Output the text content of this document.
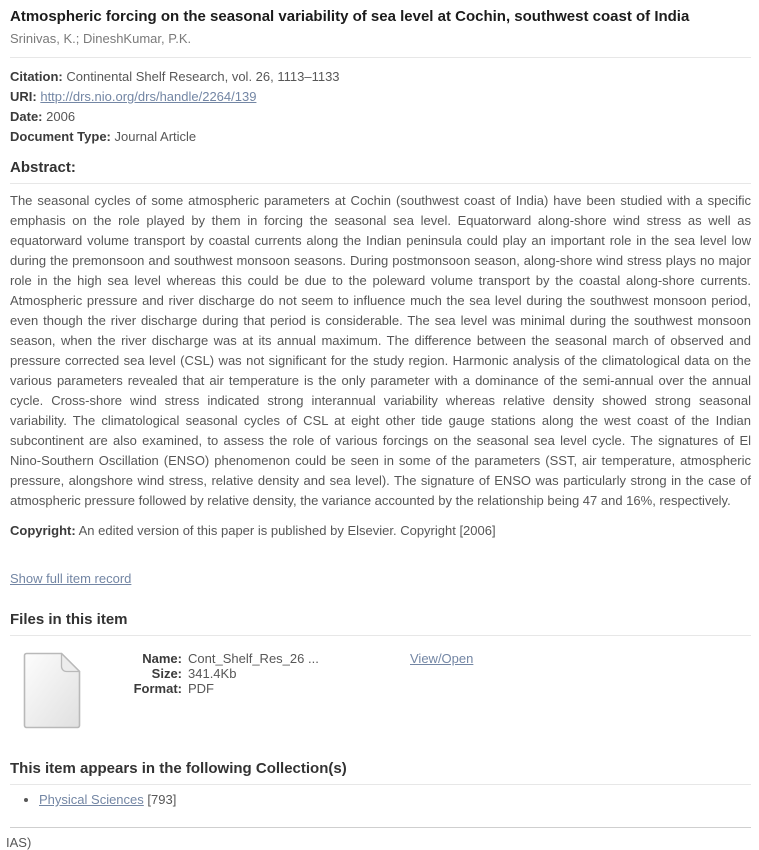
Atmospheric forcing on the seasonal variability of sea level at Cochin, southwest coast of India

Srinivas, K.; DineshKumar, P.K.

Citation: Continental Shelf Research, vol. 26, 1113–1133
URI: http://drs.nio.org/drs/handle/2264/139
Date: 2006
Document Type: Journal Article
Abstract:

The seasonal cycles of some atmospheric parameters at Cochin (southwest coast of India) have been studied with a specific emphasis on the role played by them in forcing the seasonal sea level. Equatorward along-shore wind stress as well as equatorward volume transport by coastal currents along the Indian peninsula could play an important role in the sea level low during the premonsoon and southwest monsoon seasons. During postmonsoon season, along-shore wind stress plays no major role in the high sea level whereas this could be due to the poleward volume transport by the coastal along-shore currents. Atmospheric pressure and river discharge do not seem to influence much the sea level during the southwest monsoon period, even though the river discharge during that period is considerable. The sea level was minimal during the southwest monsoon season, when the river discharge was at its annual maximum. The difference between the seasonal march of observed and pressure corrected sea level (CSL) was not significant for the study region. Harmonic analysis of the climatological data on the various parameters revealed that air temperature is the only parameter with a dominance of the semi-annual over the annual cycle. Cross-shore wind stress indicated strong interannual variability whereas relative density showed strong seasonal variability. The climatological seasonal cycles of CSL at eight other tide gauge stations along the west coast of the Indian subcontinent are also examined, to assess the role of various forcings on the seasonal sea level cycle. The signatures of El Nino-Southern Oscillation (ENSO) phenomenon could be seen in some of the parameters (SST, air temperature, atmospheric pressure, alongshore wind stress, relative density and sea level). The signature of ENSO was particularly strong in the case of atmospheric pressure followed by relative density, the variance accounted by the relationship being 47 and 16%, respectively.

Copyright: An edited version of this paper is published by Elsevier. Copyright [2006]

Show full item record
Files in this item
Name: Cont_Shelf_Res_26 ...
Size: 341.4Kb
Format: PDF
View/Open
This item appears in the following Collection(s)
• Physical Sciences [793]
IAS)
